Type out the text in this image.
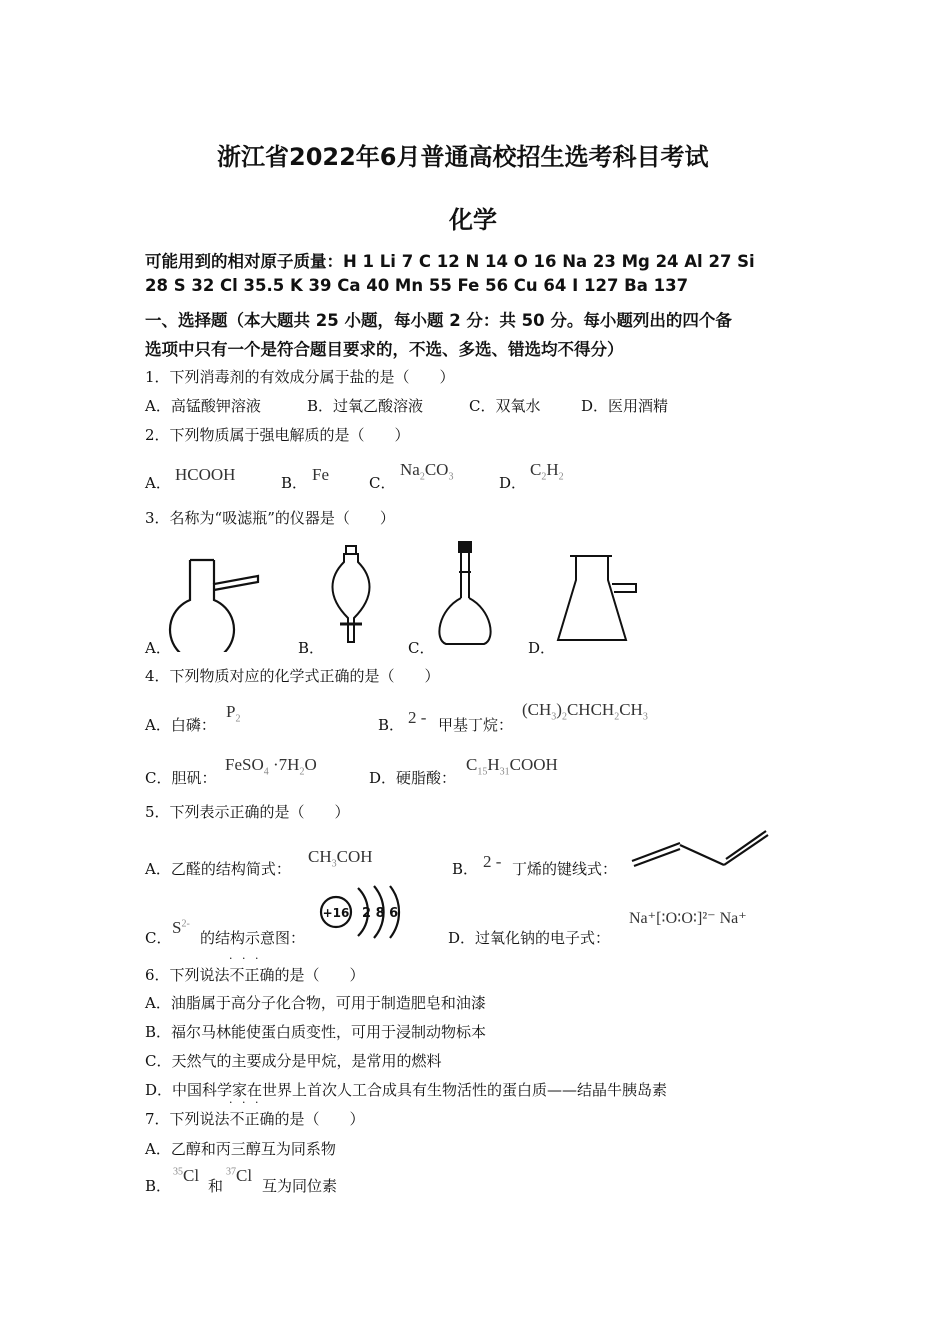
浙江省2022年6月普通高校招生选考科目考试
化学
可能用到的相对原子质量：H 1 Li 7 C 12 N 14 O 16 Na 23 Mg 24 Al 27 Si
28 S 32 Cl 35.5 K 39 Ca 40 Mn 55 Fe 56 Cu 64 I 127 Ba 137
一、选择题（本大题共 25 小题，每小题 2 分：共 50 分。每小题列出的四个备
选项中只有一个是符合题目要求的，不选、多选、错选均不得分）
1．下列消毒剂的有效成分属于盐的是（　　）
A．高锰酸钾溶液	B．过氧乙酸溶液	C．双氧水	D．医用酒精
2．下列物质属于强电解质的是（　　）
A． HCOOH	B． Fe	C．
$Na_2CO_3$	D．
$C_2H_2$
3．名称为“吸滤瓶”的仪器是（　　）
A．	B．	C．	D．
4．下列物质对应的化学式正确的是（　　）
A．白磷：
$P_2$	B． 2 - 甲基丁烷：
$(CH_3)_2CHCH_2CH_3$
C．胆矾：
FeSO$_4$ $\cdot 7H_2O$
D．硬脂酸：
$C_{15}H_{31}COOH$
5．下列表示正确的是（　　）
A．乙醛的结构简式：
$CH_3COH$
B． 2 - 丁烯的键线式：
C．
$S^{2-}$
的结构示意图：
+16 2 8 6
D．过氧化钠的电子式：
Na⁺[∶O∶O∶]²⁻ Na⁺
· · ·
6．下列说法不正确的是（　　）
A．油脂属于高分子化合物，可用于制造肥皂和油漆
B．福尔马林能使蛋白质变性，可用于浸制动物标本
C．天然气的主要成分是甲烷，是常用的燃料
D．中国科学家在世界上首次人工合成具有生物活性的蛋白质——结晶牛胰岛素
· · ·
7．下列说法不正确的是（　　）
A．乙醇和丙三醇互为同系物
B．
$^{35}$Cl
和
$^{37}$Cl
互为同位素
